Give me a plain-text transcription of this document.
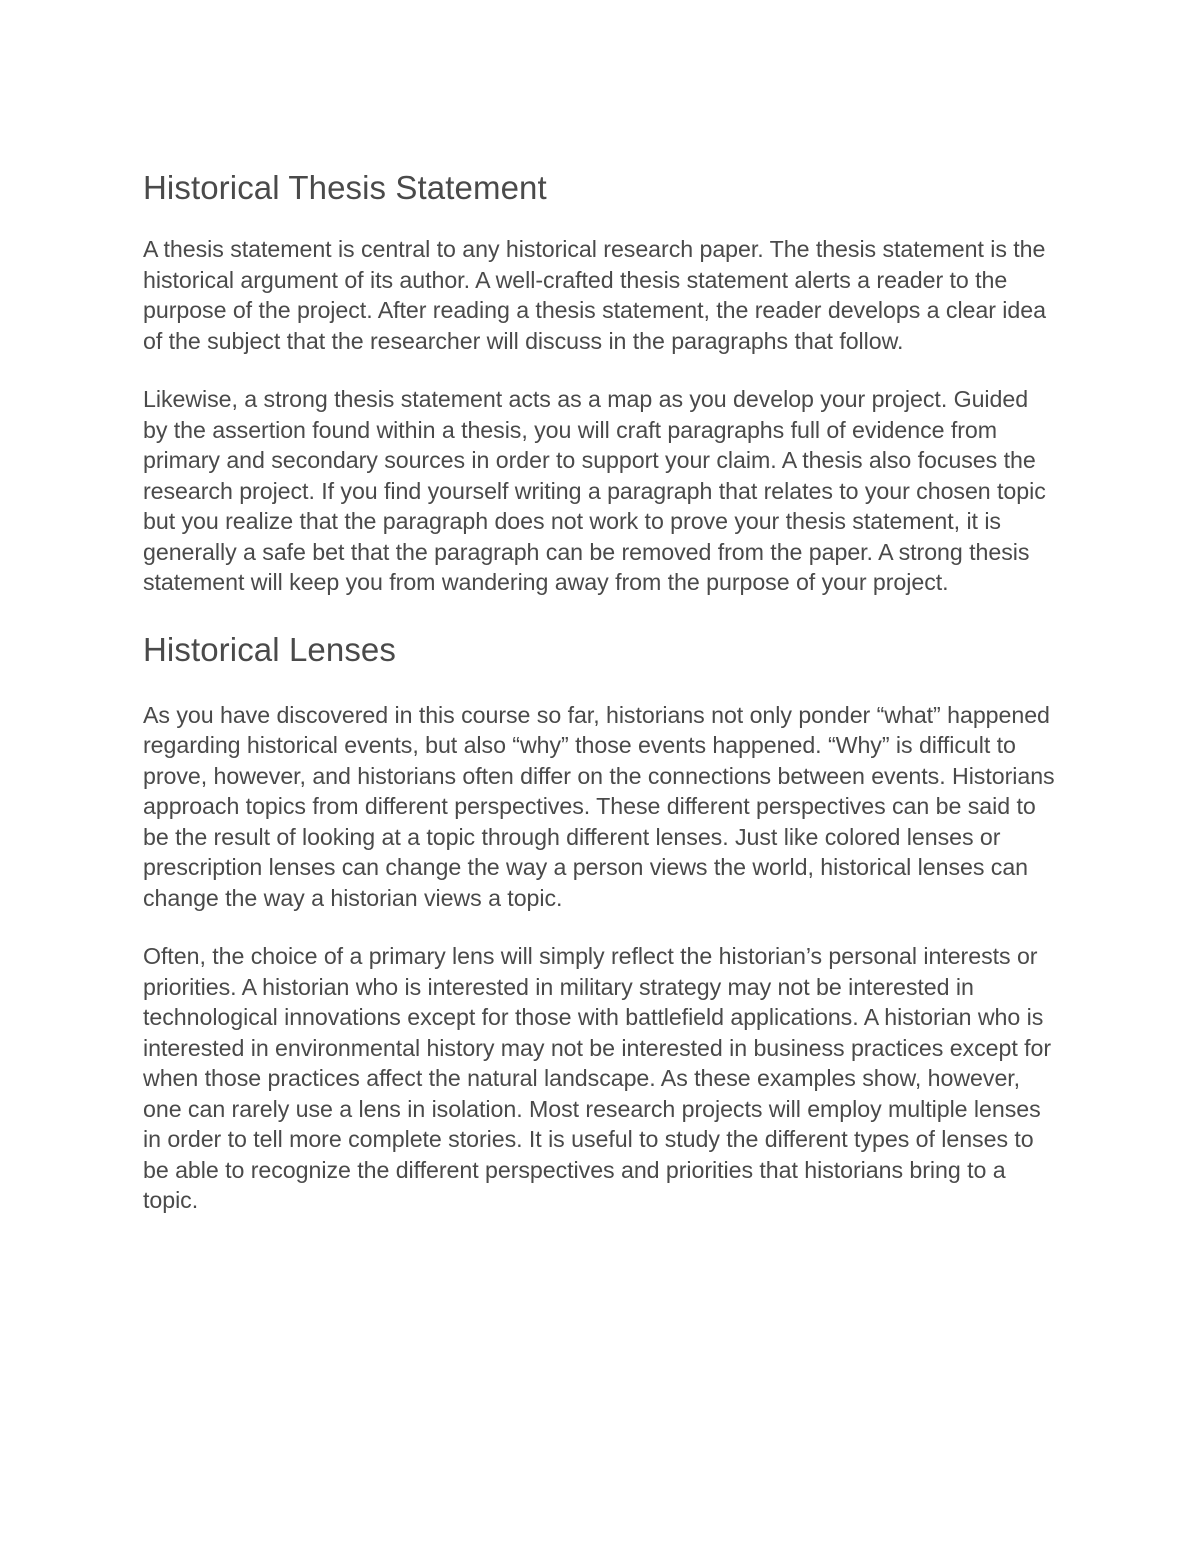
Historical Thesis Statement

A thesis statement is central to any historical research paper. The thesis statement is the historical argument of its author. A well-crafted thesis statement alerts a reader to the purpose of the project. After reading a thesis statement, the reader develops a clear idea of the subject that the researcher will discuss in the paragraphs that follow.

Likewise, a strong thesis statement acts as a map as you develop your project. Guided by the assertion found within a thesis, you will craft paragraphs full of evidence from primary and secondary sources in order to support your claim. A thesis also focuses the research project. If you find yourself writing a paragraph that relates to your chosen topic but you realize that the paragraph does not work to prove your thesis statement, it is generally a safe bet that the paragraph can be removed from the paper. A strong thesis statement will keep you from wandering away from the purpose of your project.

Historical Lenses

As you have discovered in this course so far, historians not only ponder “what” happened regarding historical events, but also “why” those events happened. “Why” is difficult to prove, however, and historians often differ on the connections between events. Historians approach topics from different perspectives. These different perspectives can be said to be the result of looking at a topic through different lenses. Just like colored lenses or prescription lenses can change the way a person views the world, historical lenses can change the way a historian views a topic.

Often, the choice of a primary lens will simply reflect the historian’s personal interests or priorities. A historian who is interested in military strategy may not be interested in technological innovations except for those with battlefield applications. A historian who is interested in environmental history may not be interested in business practices except for when those practices affect the natural landscape. As these examples show, however, one can rarely use a lens in isolation. Most research projects will employ multiple lenses in order to tell more complete stories. It is useful to study the different types of lenses to be able to recognize the different perspectives and priorities that historians bring to a topic.
